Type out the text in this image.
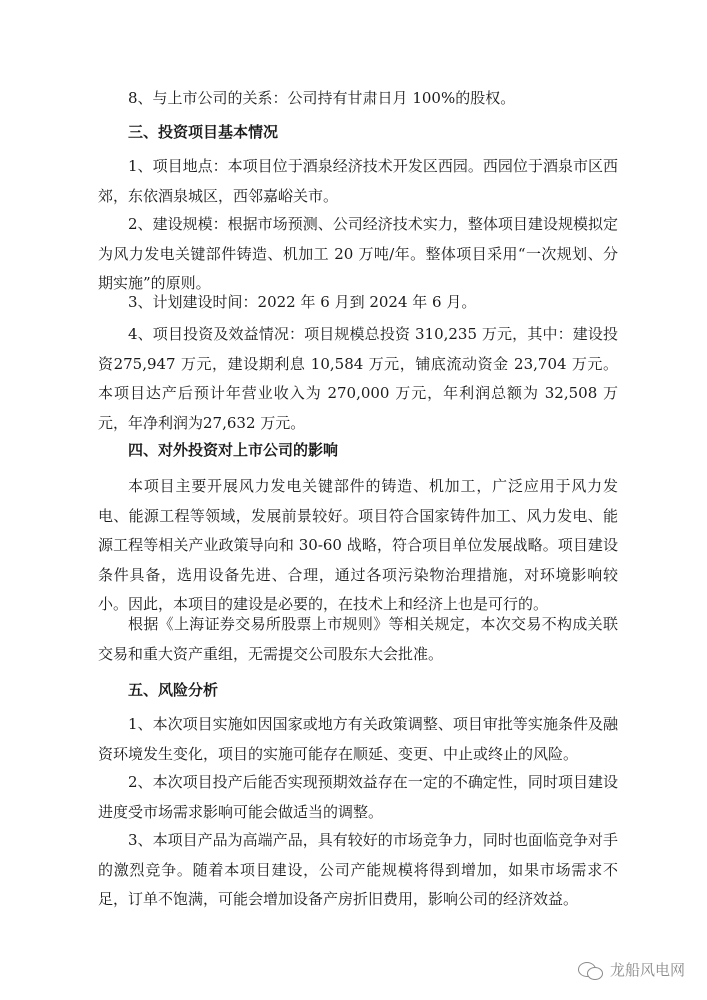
8、与上市公司的关系：公司持有甘肃日月 100%的股权。

三、投资项目基本情况

1、项目地点：本项目位于酒泉经济技术开发区西园。西园位于酒泉市区西郊，东依酒泉城区，西邻嘉峪关市。

2、建设规模：根据市场预测、公司经济技术实力，整体项目建设规模拟定为风力发电关键部件铸造、机加工 20 万吨/年。整体项目采用“一次规划、分期实施”的原则。

3、计划建设时间：2022 年 6 月到 2024 年 6 月。

4、项目投资及效益情况：项目规模总投资 310,235 万元，其中：建设投资275,947 万元，建设期利息 10,584 万元，铺底流动资金 23,704 万元。本项目达产后预计年营业收入为 270,000 万元，年利润总额为 32,508 万元，年净利润为27,632 万元。

四、对外投资对上市公司的影响

本项目主要开展风力发电关键部件的铸造、机加工，广泛应用于风力发电、能源工程等领域，发展前景较好。项目符合国家铸件加工、风力发电、能源工程等相关产业政策导向和 30-60 战略，符合项目单位发展战略。项目建设条件具备，选用设备先进、合理，通过各项污染物治理措施，对环境影响较小。因此，本项目的建设是必要的，在技术上和经济上也是可行的。

根据《上海证券交易所股票上市规则》等相关规定，本次交易不构成关联交易和重大资产重组，无需提交公司股东大会批准。

五、风险分析

1、本次项目实施如因国家或地方有关政策调整、项目审批等实施条件及融资环境发生变化，项目的实施可能存在顺延、变更、中止或终止的风险。

2、本次项目投产后能否实现预期效益存在一定的不确定性，同时项目建设进度受市场需求影响可能会做适当的调整。

3、本项目产品为高端产品，具有较好的市场竞争力，同时也面临竞争对手的激烈竞争。随着本项目建设，公司产能规模将得到增加，如果市场需求不足，订单不饱满，可能会增加设备产房折旧费用，影响公司的经济效益。

龙船风电网
